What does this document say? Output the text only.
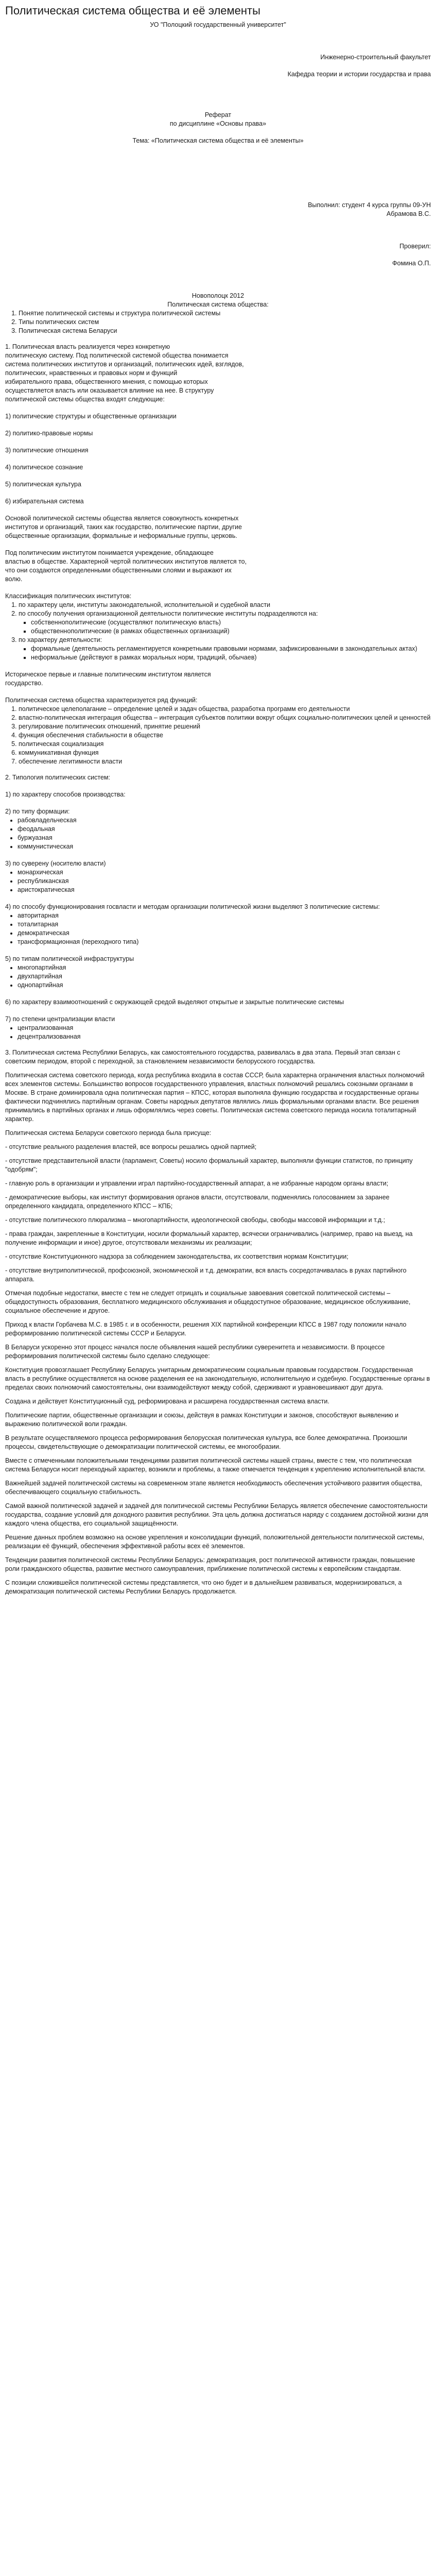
Политическая система общества и её элементы

УО "Полоцкий государственный университет"

Инженерно-строительный факультет

Кафедра теории и истории государства и права

Реферат

по дисциплине «Основы права»

Тема: «Политическая система общества и её элементы»

Выполнил: студент 4 курса группы 09-УН

Абрамова В.С.

Проверил:

Фомина О.П.

Новополоцк 2012

Политическая система общества:

1. Понятие политической системы и структура политической системы
2. Типы политических систем
3. Политическая система Беларуси

1. Политическая власть реализуется через конкретную

политическую систему. Под политической системой общества понимается

система политических институтов и организаций, политических идей, взглядов,

политических, нравственных и правовых норм и функций

избирательного права, общественного мнения, с помощью которых

осуществляется власть или оказывается влияние на нее. В структуру

политической системы общества входят следующие:

1) политические структуры и общественные организации

2) политико-правовые нормы

3) политические отношения

4) политическое сознание

5) политическая культура

6) избирательная система

Основой политической системы общества является совокупность конкретных

институтов и организаций, таких как государство, политические партии, другие

общественные организации, формальные и неформальные группы, церковь.

Под политическим институтом понимается учреждение, обладающее

властью в обществе. Характерной чертой политических институтов является то,

что они создаются определенными общественными слоями и выражают их

волю.

Классификация политических институтов:

1. по характеру цели, институты законодательной, исполнительной и судебной власти
2. по способу получения организационной деятельности политические институты подразделяются на:
▪ собственнополитические (осуществляют политическую власть)
▪ общественнополитические (в рамках общественных организаций)
3. по характеру деятельности:
▪ формальные (деятельность регламентируется конкретными правовыми нормами, зафиксированными в законодательных актах)
▪ неформальные (действуют в рамках моральных норм, традиций, обычаев)

Историческое первые и главные политическим институтом является

государство.

Политическая система общества характеризуется ряд функций:

1. политическое целеполагание – определение целей и задач общества, разработка программ его деятельности
2. властно-политическая интеграция общества – интеграция субъектов политики вокруг общих социально-политических целей и ценностей
3. регулирование политических отношений, принятие решений
4. функция обеспечения стабильности в обществе
5. политическая социализация
6. коммуникативная функция
7. обеспечение легитимности власти

2. Типология политических систем:

1) по характеру способов производства:

2) по типу формации:

• рабовладельческая
• феодальная
• буржуазная
• коммунистическая

3) по суверену (носителю власти)

• монархическая
• республиканская
• аристократическая

4) по способу функционирования госвласти и методам организации политической жизни выделяют 3 политические системы:

• авторитарная
• тоталитарная
• демократическая
• трансформационная (переходного типа)

5) по типам политической инфраструктуры

• многопартийная
• двухпартийная
• однопартийная

6) по характеру взаимоотношений с окружающей средой выделяют открытые и закрытые политические системы

7) по степени централизации власти

• централизованная
• децентрализованная

3. Политическая система Республики Беларусь, как самостоятельного государства, развивалась в два этапа. Первый этап связан с советским периодом, второй с переходной, за становлением независимости белорусского государства.

Политическая система советского периода, когда республика входила в состав СССР, была характерна ограничения властных полномочий всех элементов системы. Большинство вопросов государственного управления, властных полномочий решались союзными органами в Москве. В стране доминировала одна политическая партия – КПСС, которая выполняла функцию государства и государственные органы фактически подчинялись партийным органам. Советы народных депутатов являлись лишь формальными органами власти. Все решения принимались в партийных органах и лишь оформлялись через советы. Политическая система советского периода носила тоталитарный характер.

Политическая система Беларуси советского периода была присуще:

- отсутствие реального разделения властей, все вопросы решались одной партией;

- отсутствие представительной власти (парламент, Советы) носило формальный характер, выполняли функции статистов, по принципу "одобрям";

- главную роль в организации и управлении играл партийно-государственный аппарат, а не избранные народом органы власти;

- демократические выборы, как институт формирования органов власти, отсутствовали, подменялись голосованием за заранее определенного кандидата, определенного КПСС – КПБ;

- отсутствие политического плюрализма – многопартийности, идеологической свободы, свободы массовой информации и т.д.;

- права граждан, закрепленные в Конституции, носили формальный характер, всячески ограничивались (например, право на выезд, на получение информации и иное) другое, отсутствовали механизмы их реализации;

- отсутствие Конституционного надзора за соблюдением законодательства, их соответствия нормам Конституции;

- отсутствие внутриполитической, профсоюзной, экономической и т.д. демократии, вся власть сосредотачивалась в руках партийного аппарата.

Отмечая подобные недостатки, вместе с тем не следует отрицать и социальные завоевания советской политической системы – общедоступность образования, бесплатного медицинского обслуживания и общедоступное образование, медицинское обслуживание, социальное обеспечение и другое.

Приход к власти Горбачева М.С. в 1985 г. и в особенности, решения XIX партийной конференции КПСС в 1987 году положили начало реформированию политической системы СССР и Беларуси.

В Беларуси ускоренно этот процесс начался после объявления нашей республики суверенитета и независимости. В процессе реформирования политической системы было сделано следующее:

Конституция провозглашает Республику Беларусь унитарным демократическим социальным правовым государством. Государственная власть в республике осуществляется на основе разделения ее на законодательную, исполнительную и судебную. Государственные органы в пределах своих полномочий самостоятельны, они взаимодействуют между собой, сдерживают и уравновешивают друг друга.

Создана и действует Конституционный суд, реформирована и расширена государственная система власти.

Политические партии, общественные организации и союзы, действуя в рамках Конституции и законов, способствуют выявлению и выражению политической воли граждан.

В результате осуществляемого процесса реформирования белорусская политическая культура, все более демократична. Произошли процессы, свидетельствующие о демократизации политической системы, ее многообразии.

Вместе с отмеченными положительными тенденциями развития политической системы нашей страны, вместе с тем, что политическая система Беларуси носит переходный характер, возникли и проблемы, а также отмечается тенденция к укреплению исполнительной власти.

Важнейшей задачей политической системы на современном этапе является необходимость обеспечения устойчивого развития общества, обеспечивающего социальную стабильность.

Самой важной политической задачей и задачей для политической системы Республики Беларусь является обеспечение самостоятельности государства, создание условий для доходного развития республики. Эта цель должна достигаться наряду с созданием достойной жизни для каждого члена общества, его социальной защищённости.

Решение данных проблем возможно на основе укрепления и консолидации функций, положительной деятельности политической системы, реализации её функций, обеспечения эффективной работы всех её элементов.

Тенденции развития политической системы Республики Беларусь: демократизация, рост политической активности граждан, повышение роли гражданского общества, развитие местного самоуправления, приближение политической системы к европейским стандартам.

С позиции сложившейся политической системы представляется, что оно будет и в дальнейшем развиваться, модернизироваться, а демократизация политической системы Республики Беларусь продолжается.
